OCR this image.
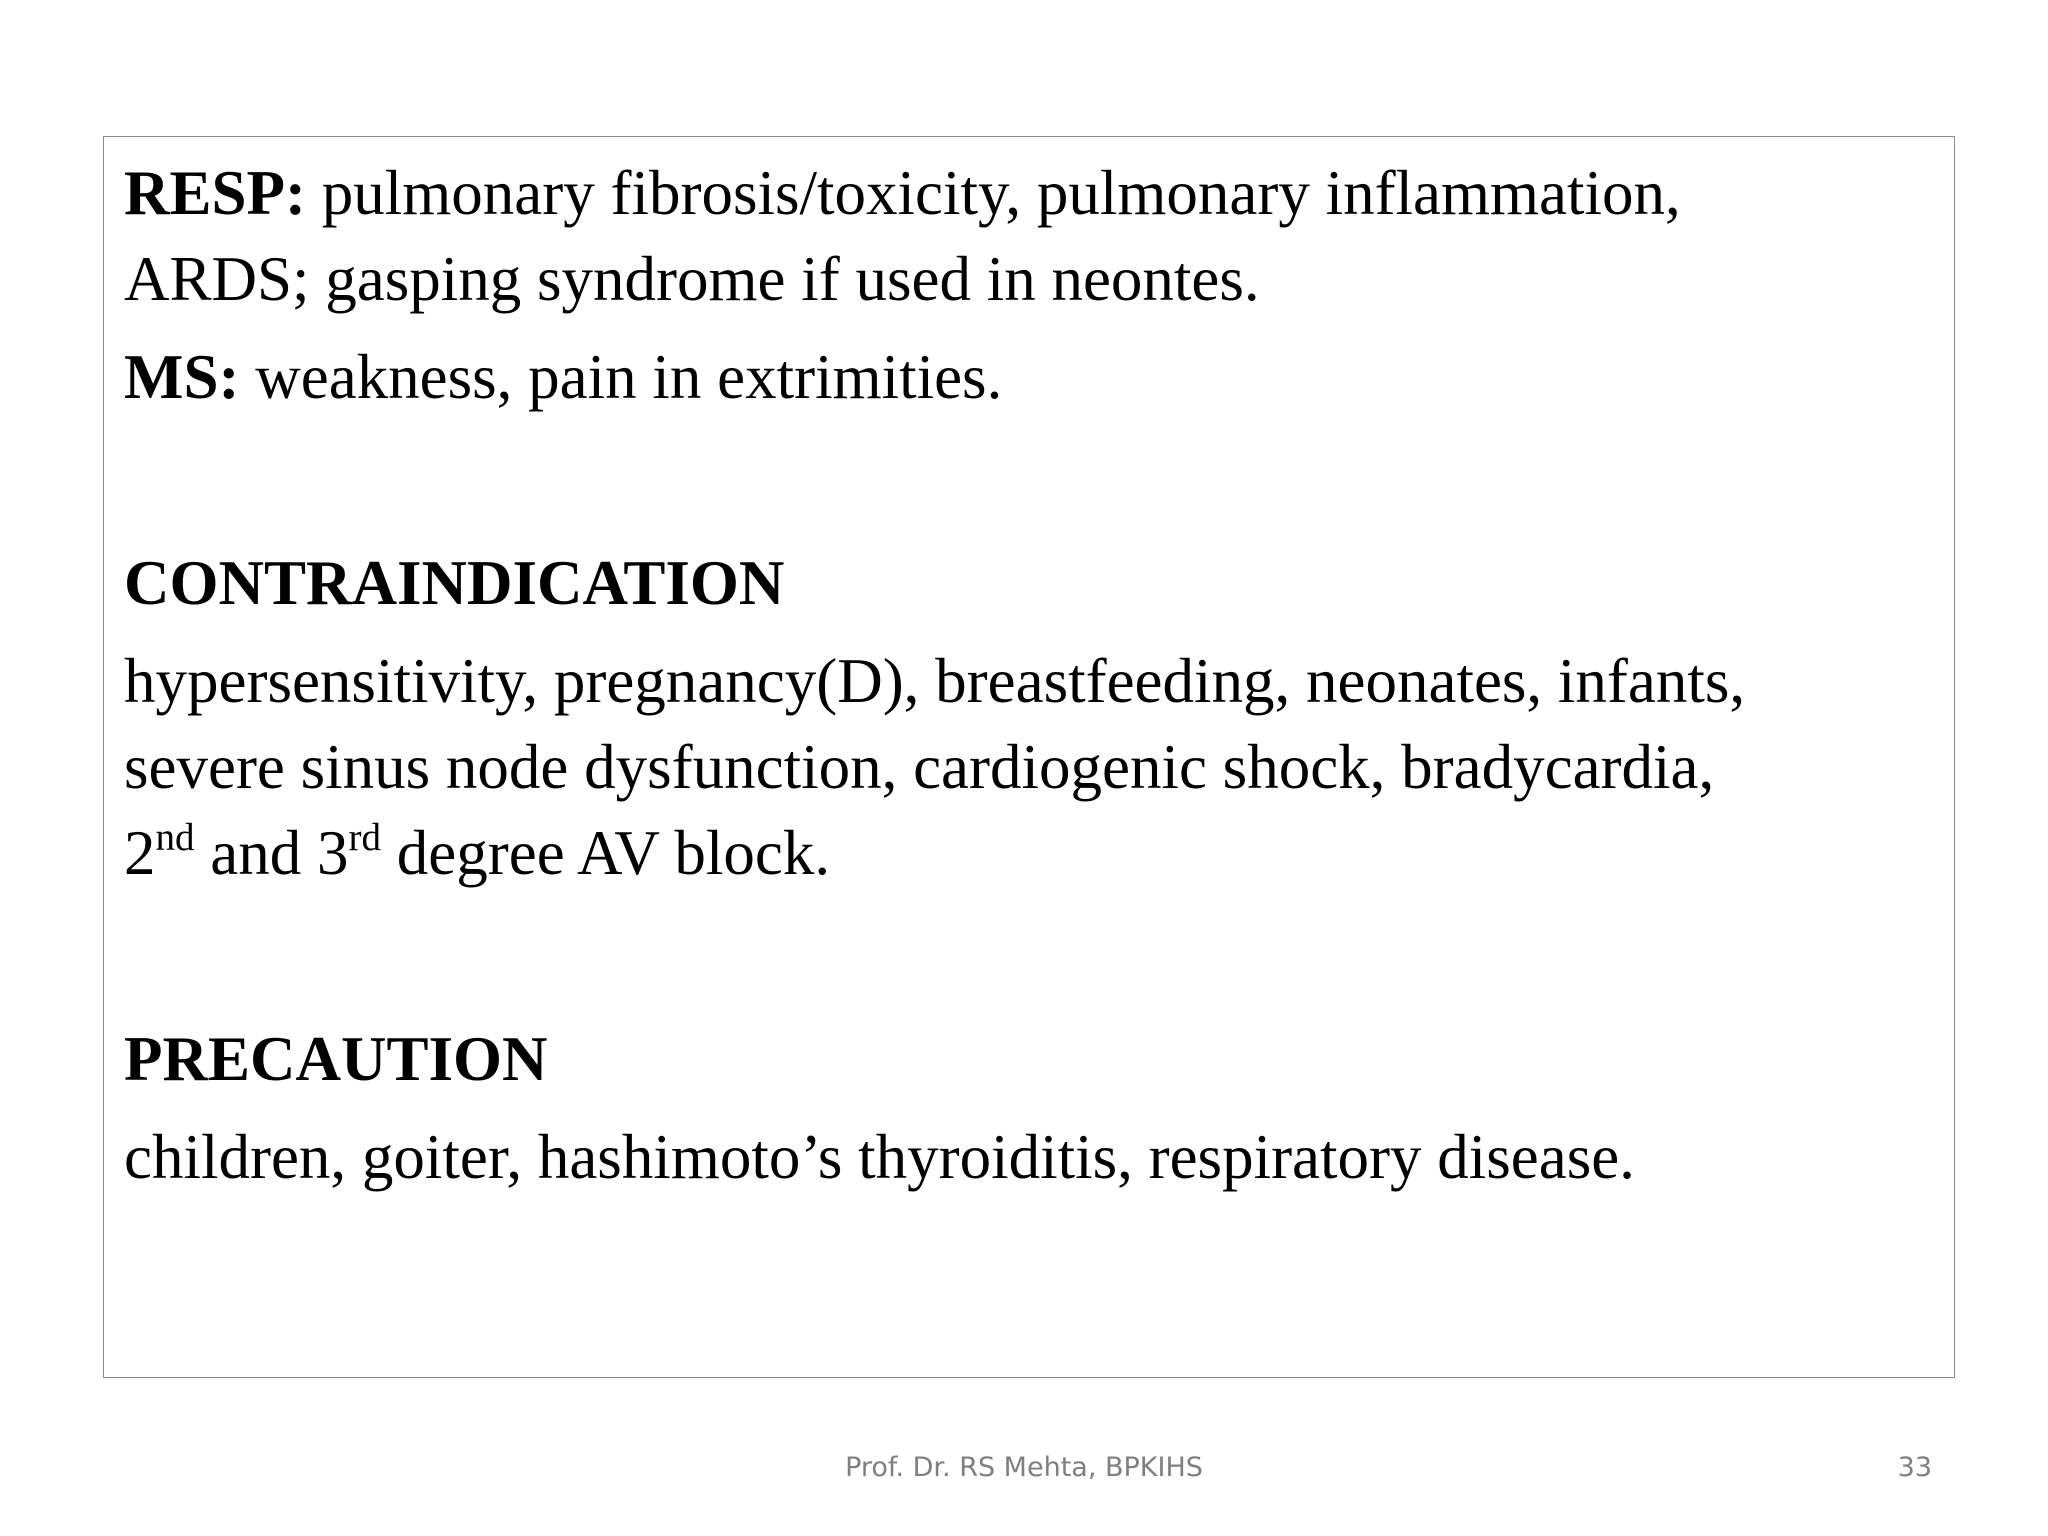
RESP: pulmonary fibrosis/toxicity, pulmonary inflammation,
ARDS; gasping syndrome if used in neontes.

MS: weakness, pain in extrimities.

CONTRAINDICATION

hypersensitivity, pregnancy(D), breastfeeding, neonates, infants,
severe sinus node dysfunction, cardiogenic shock, bradycardia,
2nd and 3rd degree AV block.

PRECAUTION

children, goiter, hashimoto’s thyroiditis, respiratory disease.

Prof. Dr. RS Mehta, BPKIHS	33
